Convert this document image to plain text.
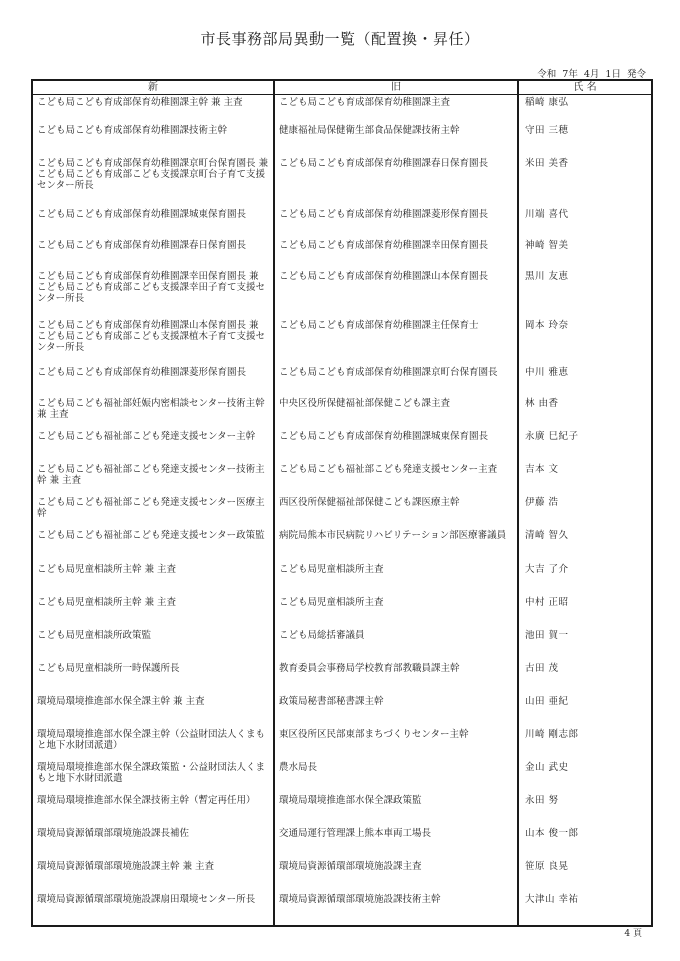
市長事務部局異動一覧（配置換・昇任）
令和 7年 4月 1日 発令
新	旧	氏 名
こども局こども育成部保育幼稚園課主幹 兼 主査	こども局こども育成部保育幼稚園課主査	稲崎 康弘
こども局こども育成部保育幼稚園課技術主幹	健康福祉局保健衛生部食品保健課技術主幹	守田 三穂
こども局こども育成部保育幼稚園課京町台保育園長 兼 こども局こども育成部こども支援課京町台子育て支援センター所長	こども局こども育成部保育幼稚園課春日保育園長	米田 美香
こども局こども育成部保育幼稚園課城東保育園長	こども局こども育成部保育幼稚園課菱形保育園長	川端 喜代
こども局こども育成部保育幼稚園課春日保育園長	こども局こども育成部保育幼稚園課幸田保育園長	神崎 智美
こども局こども育成部保育幼稚園課幸田保育園長 兼 こども局こども育成部こども支援課幸田子育て支援センター所長	こども局こども育成部保育幼稚園課山本保育園長	黒川 友恵
こども局こども育成部保育幼稚園課山本保育園長 兼 こども局こども育成部こども支援課植木子育て支援センター所長	こども局こども育成部保育幼稚園課主任保育士	岡本 玲奈
こども局こども育成部保育幼稚園課菱形保育園長	こども局こども育成部保育幼稚園課京町台保育園長	中川 雅恵
こども局こども福祉部妊娠内密相談センター技術主幹 兼 主査	中央区役所保健福祉部保健こども課主査	林 由香
こども局こども福祉部こども発達支援センター主幹	こども局こども育成部保育幼稚園課城東保育園長	永廣 巳紀子
こども局こども福祉部こども発達支援センター技術主幹 兼 主査	こども局こども福祉部こども発達支援センター主査	吉本 文
こども局こども福祉部こども発達支援センター医療主幹	西区役所保健福祉部保健こども課医療主幹	伊藤 浩
こども局こども福祉部こども発達支援センター政策監	病院局熊本市民病院リハビリテーション部医療審議員	清崎 智久
こども局児童相談所主幹 兼 主査	こども局児童相談所主査	大吉 了介
こども局児童相談所主幹 兼 主査	こども局児童相談所主査	中村 正昭
こども局児童相談所政策監	こども局総括審議員	池田 賀一
こども局児童相談所一時保護所長	教育委員会事務局学校教育部教職員課主幹	古田 茂
環境局環境推進部水保全課主幹 兼 主査	政策局秘書部秘書課主幹	山田 亜紀
環境局環境推進部水保全課主幹（公益財団法人くまもと地下水財団派遣）	東区役所区民部東部まちづくりセンター主幹	川崎 剛志郎
環境局環境推進部水保全課政策監・公益財団法人くまもと地下水財団派遣	農水局長	金山 武史
環境局環境推進部水保全課技術主幹（暫定再任用）	環境局環境推進部水保全課政策監	永田 努
環境局資源循環部環境施設課長補佐	交通局運行管理課上熊本車両工場長	山本 俊一郎
環境局資源循環部環境施設課主幹 兼 主査	環境局資源循環部環境施設課主査	笹原 良晃
環境局資源循環部環境施設課扇田環境センター所長	環境局資源循環部環境施設課技術主幹	大津山 幸祐
4 頁
